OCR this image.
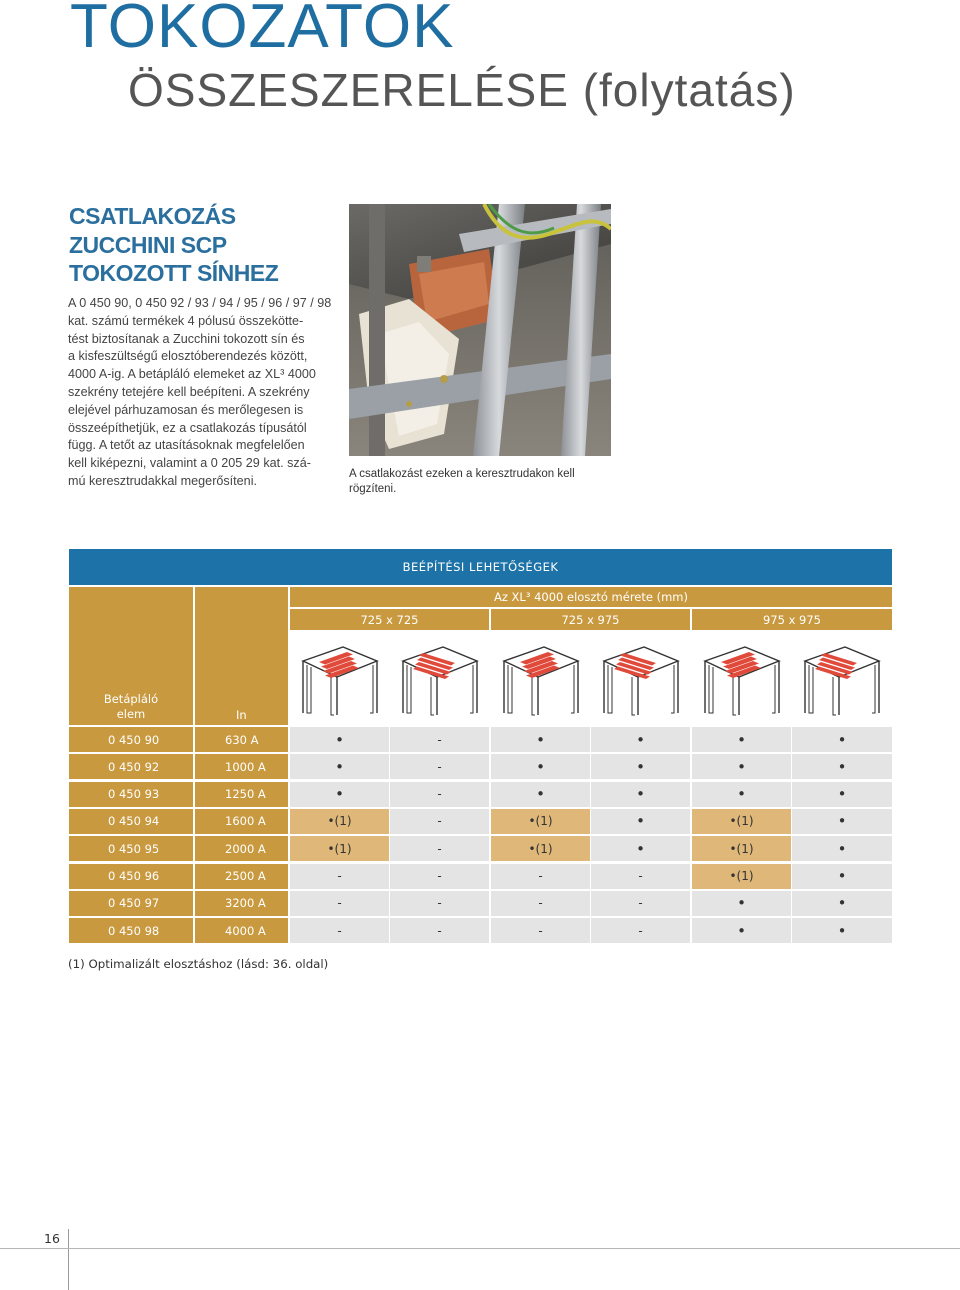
TOKOZATOK
ÖSSZESZERELÉSE (folytatás)
CSATLAKOZÁS
ZUCCHINI SCP
TOKOZOTT SÍNHEZ
A 0 450 90, 0 450 92 / 93 / 94 / 95 / 96 / 97 / 98
kat. számú termékek 4 pólusú összekötte-
tést biztosítanak a Zucchini tokozott sín és
a kisfeszültségű elosztóberendezés között,
4000 A-ig. A betápláló elemeket az XL³ 4000
szekrény tetejére kell beépíteni. A szekrény
elejével párhuzamosan és merőlegesen is
összeépíthetjük, ez a csatlakozás típusától
függ. A tetőt az utasításoknak megfelelően
kell kiképezni, valamint a 0 205 29 kat. szá-
mú keresztrudakkal megerősíteni.	A csatlakozást ezeken a keresztrudakon kell
rögzíteni.
BEÉPÍTÉSI LEHETŐSÉGEK
Betápláló
elem	In
Az XL³ 4000 elosztó mérete (mm)
725 x 725	725 x 975	975 x 975
0 450 90	630 A	•	-	•	•	•	•
0 450 92	1000 A	•	-	•	•	•	•
0 450 93	1250 A	•	-	•	•	•	•
0 450 94	1600 A	•(1)	-	•(1)	•	•(1)	•
0 450 95	2000 A	•(1)	-	•(1)	•	•(1)	•
0 450 96	2500 A	-	-	-	-	•(1)	•
0 450 97	3200 A	-	-	-	-	•	•
0 450 98	4000 A	-	-	-	-	•	•
(1) Optimalizált elosztáshoz (lásd: 36. oldal)
16
